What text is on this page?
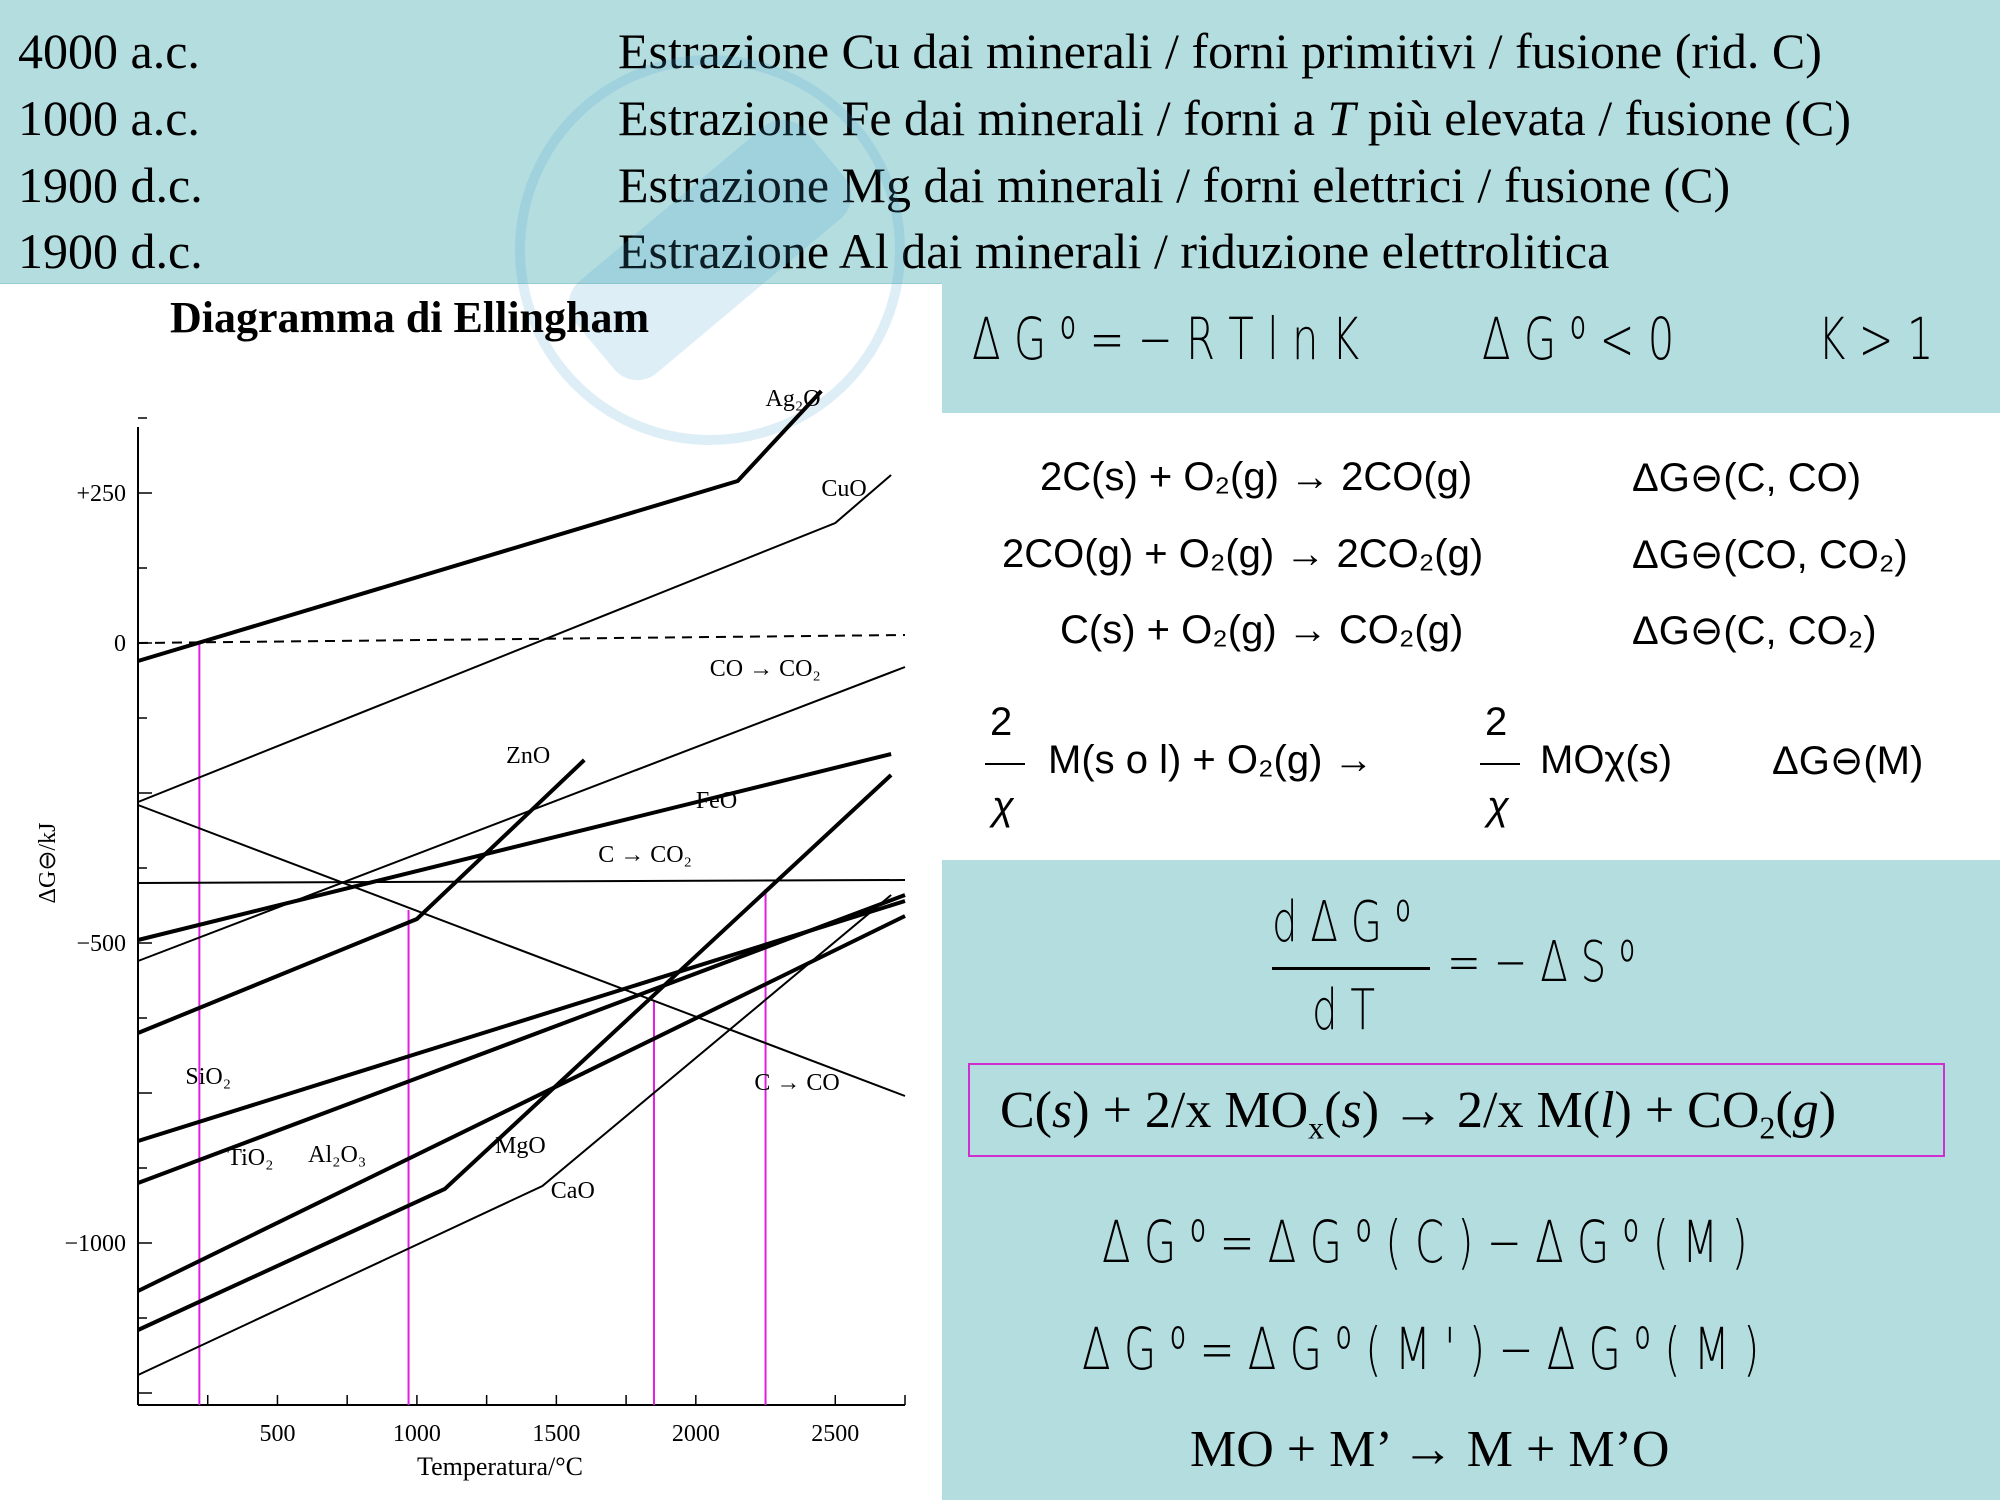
4000 a.c.	Estrazione Cu dai minerali / forni primitivi / fusione (rid. C)
1000 a.c.	Estrazione Fe dai minerali / forni a T più elevata / fusione (C)
1900 d.c.	Estrazione Mg dai minerali / forni elettrici / fusione (C)
1900 d.c.	Estrazione Al dai minerali / riduzione elettrolitica
Δ G ⁰ = − R T l n K Δ G ⁰ < 0 K > 1
2C(s) + O₂(g) → 2CO(g)	ΔG⊖(C, CO)
2CO(g) + O₂(g) → 2CO₂(g)	ΔG⊖(CO, CO₂)
C(s) + O₂(g) → CO₂(g)	ΔG⊖(C, CO₂)
2
χ
M(s o l) + O₂(g) →
2
χ
MOχ(s) ΔG⊖(M)
d Δ G ⁰
d T
= − Δ S ⁰
Δ G ⁰ = Δ G ⁰ ( C ) − Δ G ⁰ ( M )
Δ G ⁰ = Δ G ⁰ ( M ' ) − Δ G ⁰ ( M )
MO + M’ → M + M’O
C(s) + 2/x $MO_x(s) \to 2/x$ $M(l) + CO_2(g)$
Diagramma di Ellingham
+250
0
−500
−1000
500	1000	1500	2000	2500
Ag₂O
CuO
CO → CO₂
ZnO
FeO
C → CO₂
SiO₂	C → CO
TiO₂ Al₂O₃	MgO
CaO
Temperatura/°C
ΔG⊖/kJ
